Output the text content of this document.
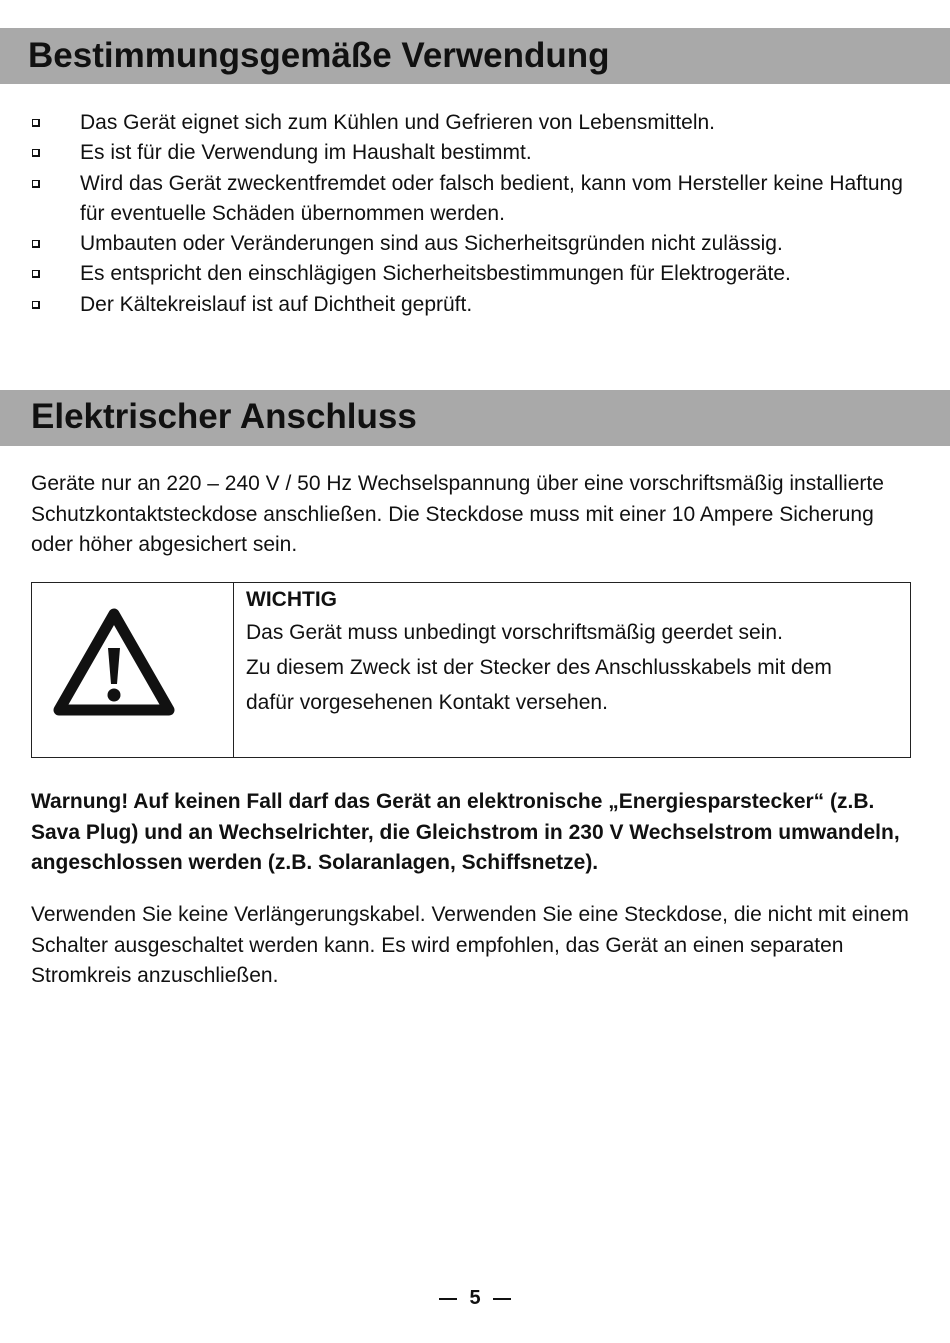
Bestimmungsgemäße Verwendung
Das Gerät eignet sich zum Kühlen und Gefrieren von Lebensmitteln.
Es ist für die Verwendung im Haushalt bestimmt.
Wird das Gerät zweckentfremdet oder falsch bedient, kann vom Hersteller keine Haftung für eventuelle Schäden übernommen werden.
Umbauten oder Veränderungen sind aus Sicherheitsgründen nicht zulässig.
Es entspricht den einschlägigen Sicherheitsbestimmungen für Elektrogeräte.
Der Kältekreislauf ist auf Dichtheit geprüft.
Elektrischer Anschluss

Geräte nur an 220 – 240 V / 50 Hz Wechselspannung über eine vorschriftsmäßig installierte Schutzkontaktsteckdose anschließen. Die Steckdose muss mit einer 10 Ampere Sicherung oder höher abgesichert sein.

WICHTIG
Das Gerät muss unbedingt vorschriftsmäßig geerdet sein.
Zu diesem Zweck ist der Stecker des Anschlusskabels mit dem
dafür vorgesehenen Kontakt versehen.

Warnung! Auf keinen Fall darf das Gerät an elektronische „Energiesparstecker“ (z.B. Sava Plug) und an Wechselrichter, die Gleichstrom in 230 V Wechselstrom umwandeln, angeschlossen werden (z.B. Solaranlagen, Schiffsnetze).

Verwenden Sie keine Verlängerungskabel. Verwenden Sie eine Steckdose, die nicht mit einem Schalter ausgeschaltet werden kann. Es wird empfohlen, das Gerät an einen separaten Stromkreis anzuschließen.

5
